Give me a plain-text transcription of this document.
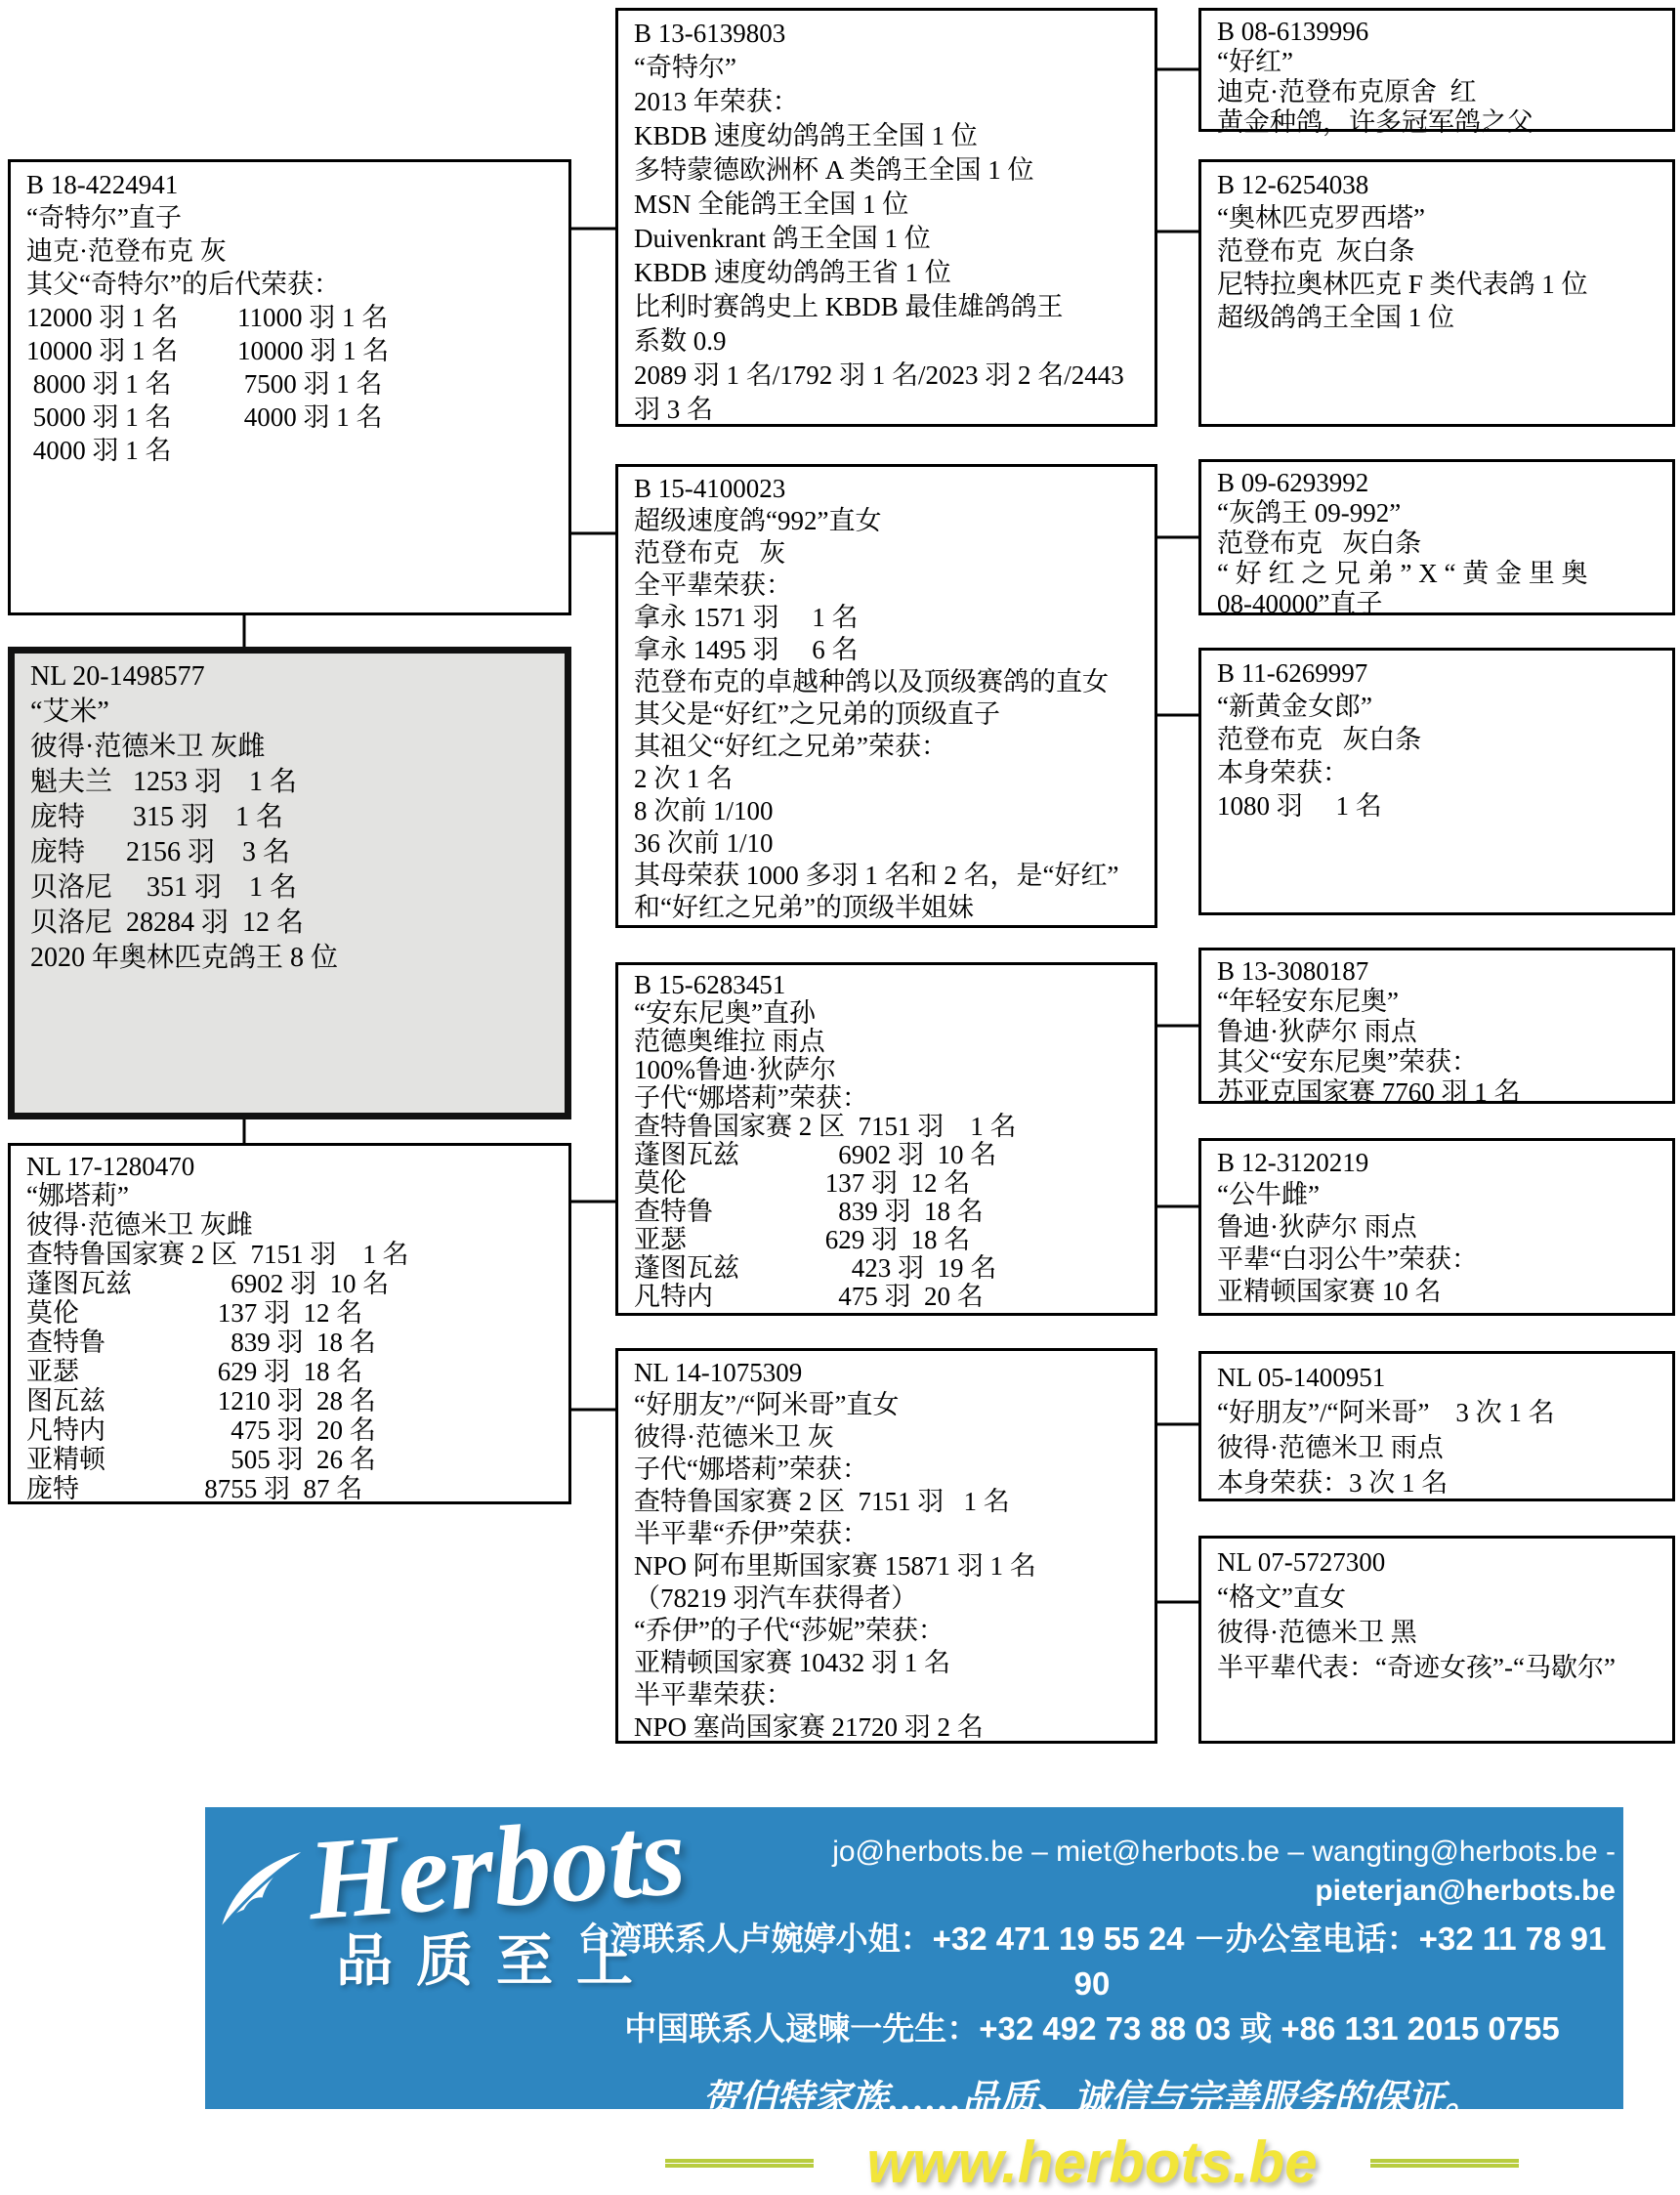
B 18-4224941
“奇特尔”直子
迪克·范登布克 灰
其父“奇特尔”的后代荣获：
12000 羽 1 名         11000 羽 1 名
10000 羽 1 名         10000 羽 1 名
8000 羽 1 名           7500 羽 1 名
5000 羽 1 名           4000 羽 1 名
4000 羽 1 名
NL 20-1498577
“艾米”
彼得·范德米卫 灰雌
魁夫兰   1253 羽    1 名
庞特       315 羽    1 名
庞特      2156 羽    3 名
贝洛尼     351 羽    1 名
贝洛尼  28284 羽  12 名
2020 年奥林匹克鸽王 8 位
NL 17-1280470
“娜塔莉”
彼得·范德米卫 灰雌
查特鲁国家赛 2 区  7151 羽    1 名
蓬图瓦兹               6902 羽  10 名
莫伦                     137 羽  12 名
查特鲁                   839 羽  18 名
亚瑟                     629 羽  18 名
图瓦兹                 1210 羽  28 名
凡特内                   475 羽  20 名
亚精顿                   505 羽  26 名
庞特                   8755 羽  87 名
B 13-6139803
“奇特尔”
2013 年荣获：
KBDB 速度幼鸽鸽王全国 1 位
多特蒙德欧洲杯 A 类鸽王全国 1 位
MSN 全能鸽王全国 1 位
Duivenkrant 鸽王全国 1 位
KBDB 速度幼鸽鸽王省 1 位
比利时赛鸽史上 KBDB 最佳雄鸽鸽王
系数 0.9
2089 羽 1 名/1792 羽 1 名/2023 羽 2 名/2443
羽 3 名
B 15-4100023
超级速度鸽“992”直女
范登布克   灰
全平辈荣获：
拿永 1571 羽     1 名
拿永 1495 羽     6 名
范登布克的卓越种鸽以及顶级赛鸽的直女
其父是“好红”之兄弟的顶级直子
其祖父“好红之兄弟”荣获：
2 次 1 名
8 次前 1/100
36 次前 1/10
其母荣获 1000 多羽 1 名和 2 名，是“好红”
和“好红之兄弟”的顶级半姐妹
B 15-6283451
“安东尼奥”直孙
范德奥维拉 雨点
100%鲁迪·狄萨尔
子代“娜塔莉”荣获：
查特鲁国家赛 2 区  7151 羽    1 名
蓬图瓦兹               6902 羽  10 名
莫伦                     137 羽  12 名
查特鲁                   839 羽  18 名
亚瑟                     629 羽  18 名
蓬图瓦兹                 423 羽  19 名
凡特内                   475 羽  20 名
NL 14-1075309
“好朋友”/“阿米哥”直女
彼得·范德米卫 灰
子代“娜塔莉”荣获：
查特鲁国家赛 2 区  7151 羽   1 名
半平辈“乔伊”荣获：
NPO 阿布里斯国家赛 15871 羽 1 名
（78219 羽汽车获得者）
“乔伊”的子代“莎妮”荣获：
亚精顿国家赛 10432 羽 1 名
半平辈荣获：
NPO 塞尚国家赛 21720 羽 2 名
B 08-6139996
“好红”
迪克·范登布克原舍  红
黄金种鸽，许多冠军鸽之父
B 12-6254038
“奥林匹克罗西塔”
范登布克  灰白条
尼特拉奥林匹克 F 类代表鸽 1 位
超级鸽鸽王全国 1 位
B 09-6293992
“灰鸽王 09-992”
范登布克   灰白条
“ 好 红 之 兄 弟 ” X “ 黄 金 里 奥
08-40000”直子
B 11-6269997
“新黄金女郎”
范登布克   灰白条
本身荣获：
1080 羽     1 名
B 13-3080187
“年轻安东尼奥”
鲁迪·狄萨尔 雨点
其父“安东尼奥”荣获：
苏亚克国家赛 7760 羽 1 名
B 12-3120219
“公牛雌”
鲁迪·狄萨尔 雨点
平辈“白羽公牛”荣获：
亚精顿国家赛 10 名
NL 05-1400951
“好朋友”/“阿米哥”    3 次 1 名
彼得·范德米卫 雨点
本身荣获：3 次 1 名
NL 07-5727300
“格文”直女
彼得·范德米卫 黑
半平辈代表：“奇迹女孩”-“马歇尔”
Herbots
品质至上
jo@herbots.be – miet@herbots.be – wangting@herbots.be - pieterjan@herbots.be
台湾联系人卢婉婷小姐：+32 471 19 55 24 －办公室电话：+32 11 78 91 90
中国联系人逯暕一先生：+32 492 73 88 03 或 +86 131 2015 0755
贺伯特家族……品质、诚信与完善服务的保证。
www.herbots.be
